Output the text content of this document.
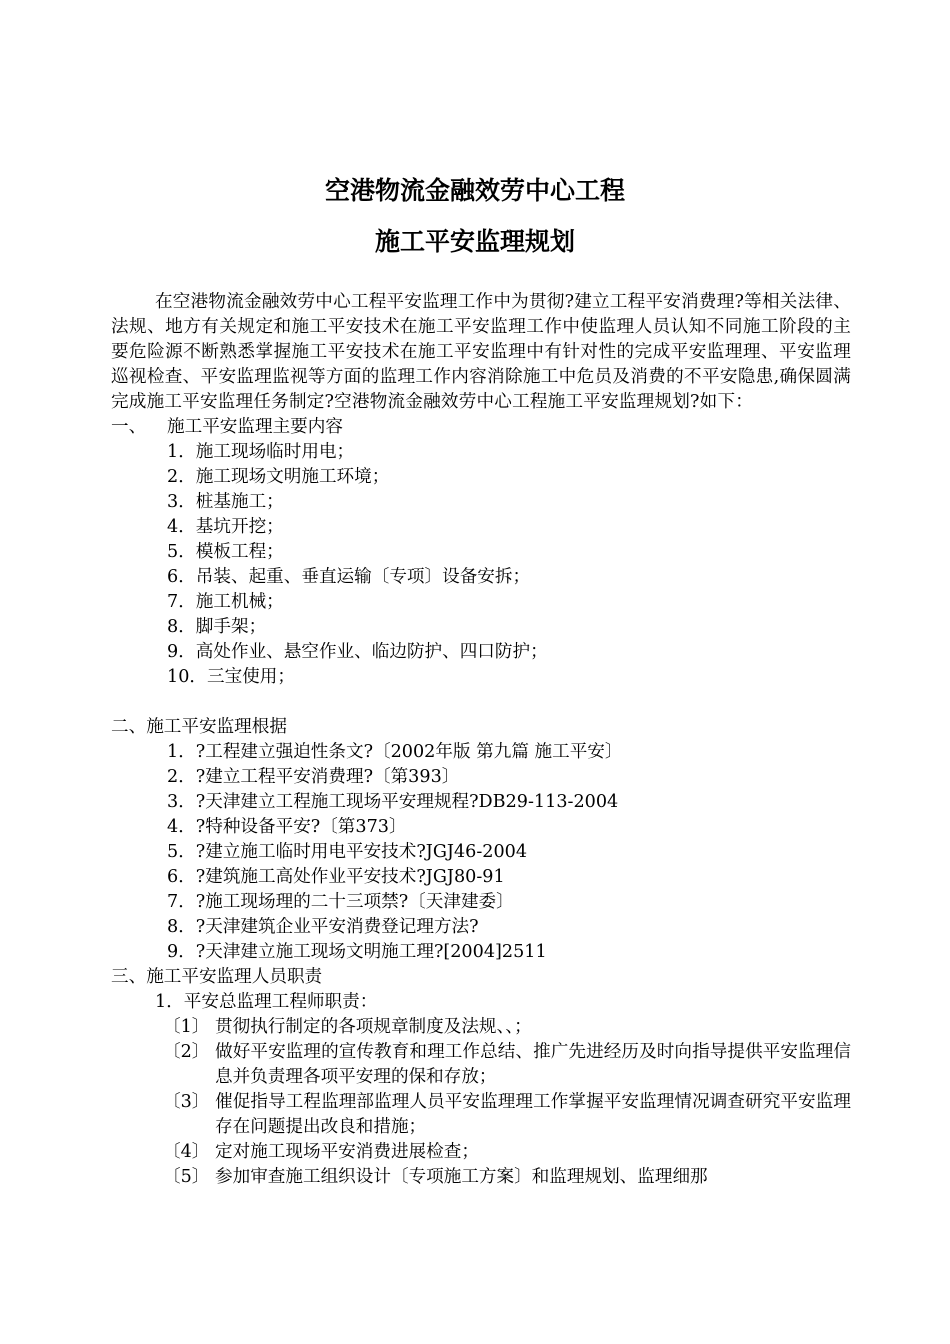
空港物流金融效劳中心工程
施工平安监理规划

在空港物流金融效劳中心工程平安监理工作中为贯彻?建立工程平安消费理?等相关法律、法规、地方有关规定和施工平安技术在施工平安监理工作中使监理人员认知不同施工阶段的主要危险源不断熟悉掌握施工平安技术在施工平安监理中有针对性的完成平安监理理、平安监理巡视检查、平安监理监视等方面的监理工作内容消除施工中危员及消费的不平安隐患,确保圆满完成施工平安监理任务制定?空港物流金融效劳中心工程施工平安监理规划?如下：

一、 施工平安监理主要内容

1．施工现场临时用电；

2．施工现场文明施工环境；

3．桩基施工；

4．基坑开挖；

5．模板工程；

6．吊装、起重、垂直运输〔专项〕设备安拆；

7．施工机械；

8．脚手架；

9．高处作业、悬空作业、临边防护、四口防护；

10．三宝使用；

二、施工平安监理根据

1．?工程建立强迫性条文?〔2002年版 第九篇 施工平安〕

2．?建立工程平安消费理?〔第393〕

3．?天津建立工程施工现场平安理规程?DB29-113-2004

4．?特种设备平安?〔第373〕

5．?建立施工临时用电平安技术?JGJ46-2004

6．?建筑施工高处作业平安技术?JGJ80-91

7．?施工现场理的二十三项禁?〔天津建委〕

8．?天津建筑企业平安消费登记理方法?

9．?天津建立施工现场文明施工理?[2004]2511

三、施工平安监理人员职责

1．平安总监理工程师职责：

〔1〕 贯彻执行制定的各项规章制度及法规、、；

〔2〕 做好平安监理的宣传教育和理工作总结、推广先进经历及时向指导提供平安监理信息并负责理各项平安理的保和存放；

〔3〕 催促指导工程监理部监理人员平安监理理工作掌握平安监理情况调查研究平安监理存在问题提出改良和措施；

〔4〕 定对施工现场平安消费进展检查；

〔5〕 参加审查施工组织设计〔专项施工方案〕和监理规划、监理细那
